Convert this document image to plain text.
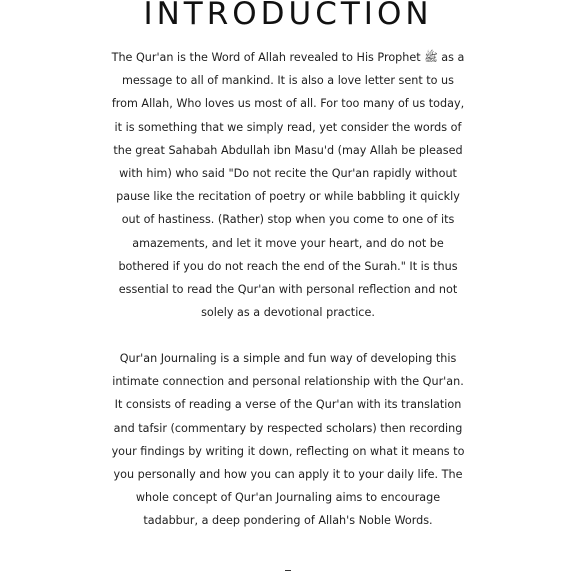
INTRODUCTION

The Qur'an is the Word of Allah revealed to His Prophet ﷺ as a message to all of mankind. It is also a love letter sent to us from Allah, Who loves us most of all. For too many of us today, it is something that we simply read, yet consider the words of the great Sahabah Abdullah ibn Masu'd (may Allah be pleased with him) who said "Do not recite the Qur'an rapidly without pause like the recitation of poetry or while babbling it quickly out of hastiness. (Rather) stop when you come to one of its amazements, and let it move your heart, and do not be bothered if you do not reach the end of the Surah." It is thus essential to read the Qur'an with personal reflection and not solely as a devotional practice.

Qur'an Journaling is a simple and fun way of developing this intimate connection and personal relationship with the Qur'an. It consists of reading a verse of the Qur'an with its translation and tafsir (commentary by respected scholars) then recording your findings by writing it down, reflecting on what it means to you personally and how you can apply it to your daily life. The whole concept of Qur'an Journaling aims to encourage tadabbur, a deep pondering of Allah's Noble Words.
